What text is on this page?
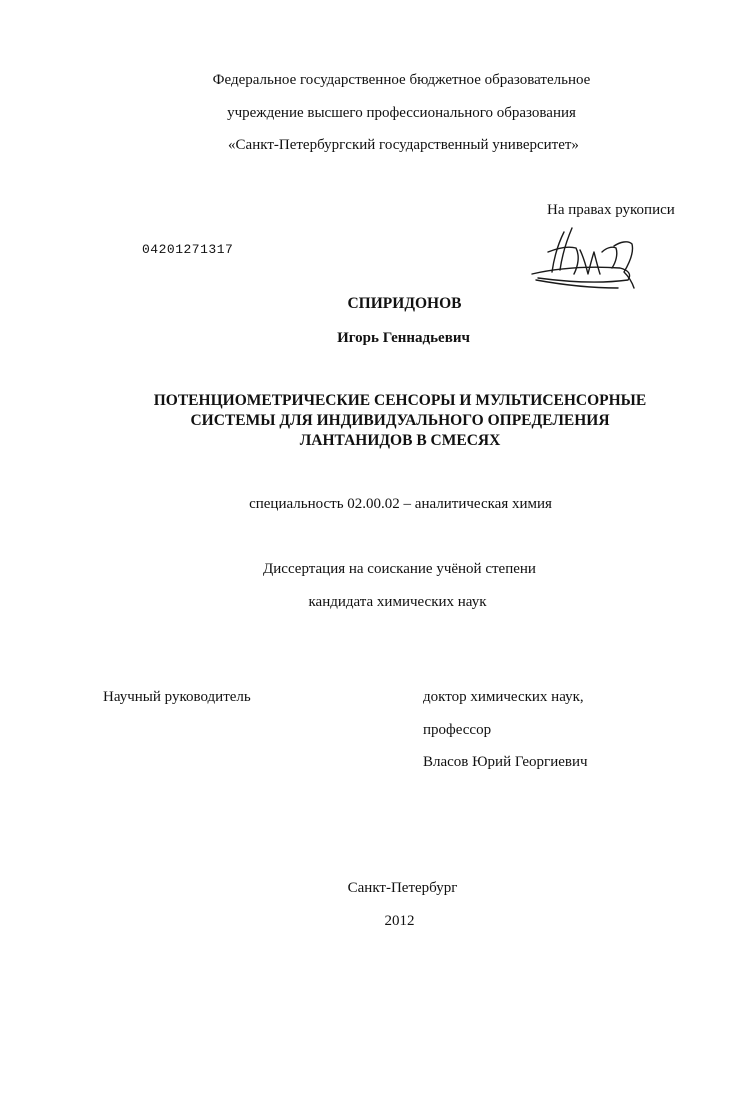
Федеральное государственное бюджетное образовательное
учреждение высшего профессионального образования
«Санкт-Петербургский государственный университет»
На правах рукописи
04201271317
СПИРИДОНОВ
Игорь Геннадьевич
ПОТЕНЦИОМЕТРИЧЕСКИЕ СЕНСОРЫ И МУЛЬТИСЕНСОРНЫЕ
СИСТЕМЫ ДЛЯ ИНДИВИДУАЛЬНОГО ОПРЕДЕЛЕНИЯ
ЛАНТАНИДОВ В СМЕСЯХ
специальность 02.00.02 – аналитическая химия
Диссертация на соискание учёной степени
кандидата химических наук
Научный руководитель	доктор химических наук,
профессор
Власов Юрий Георгиевич
Санкт-Петербург
2012
